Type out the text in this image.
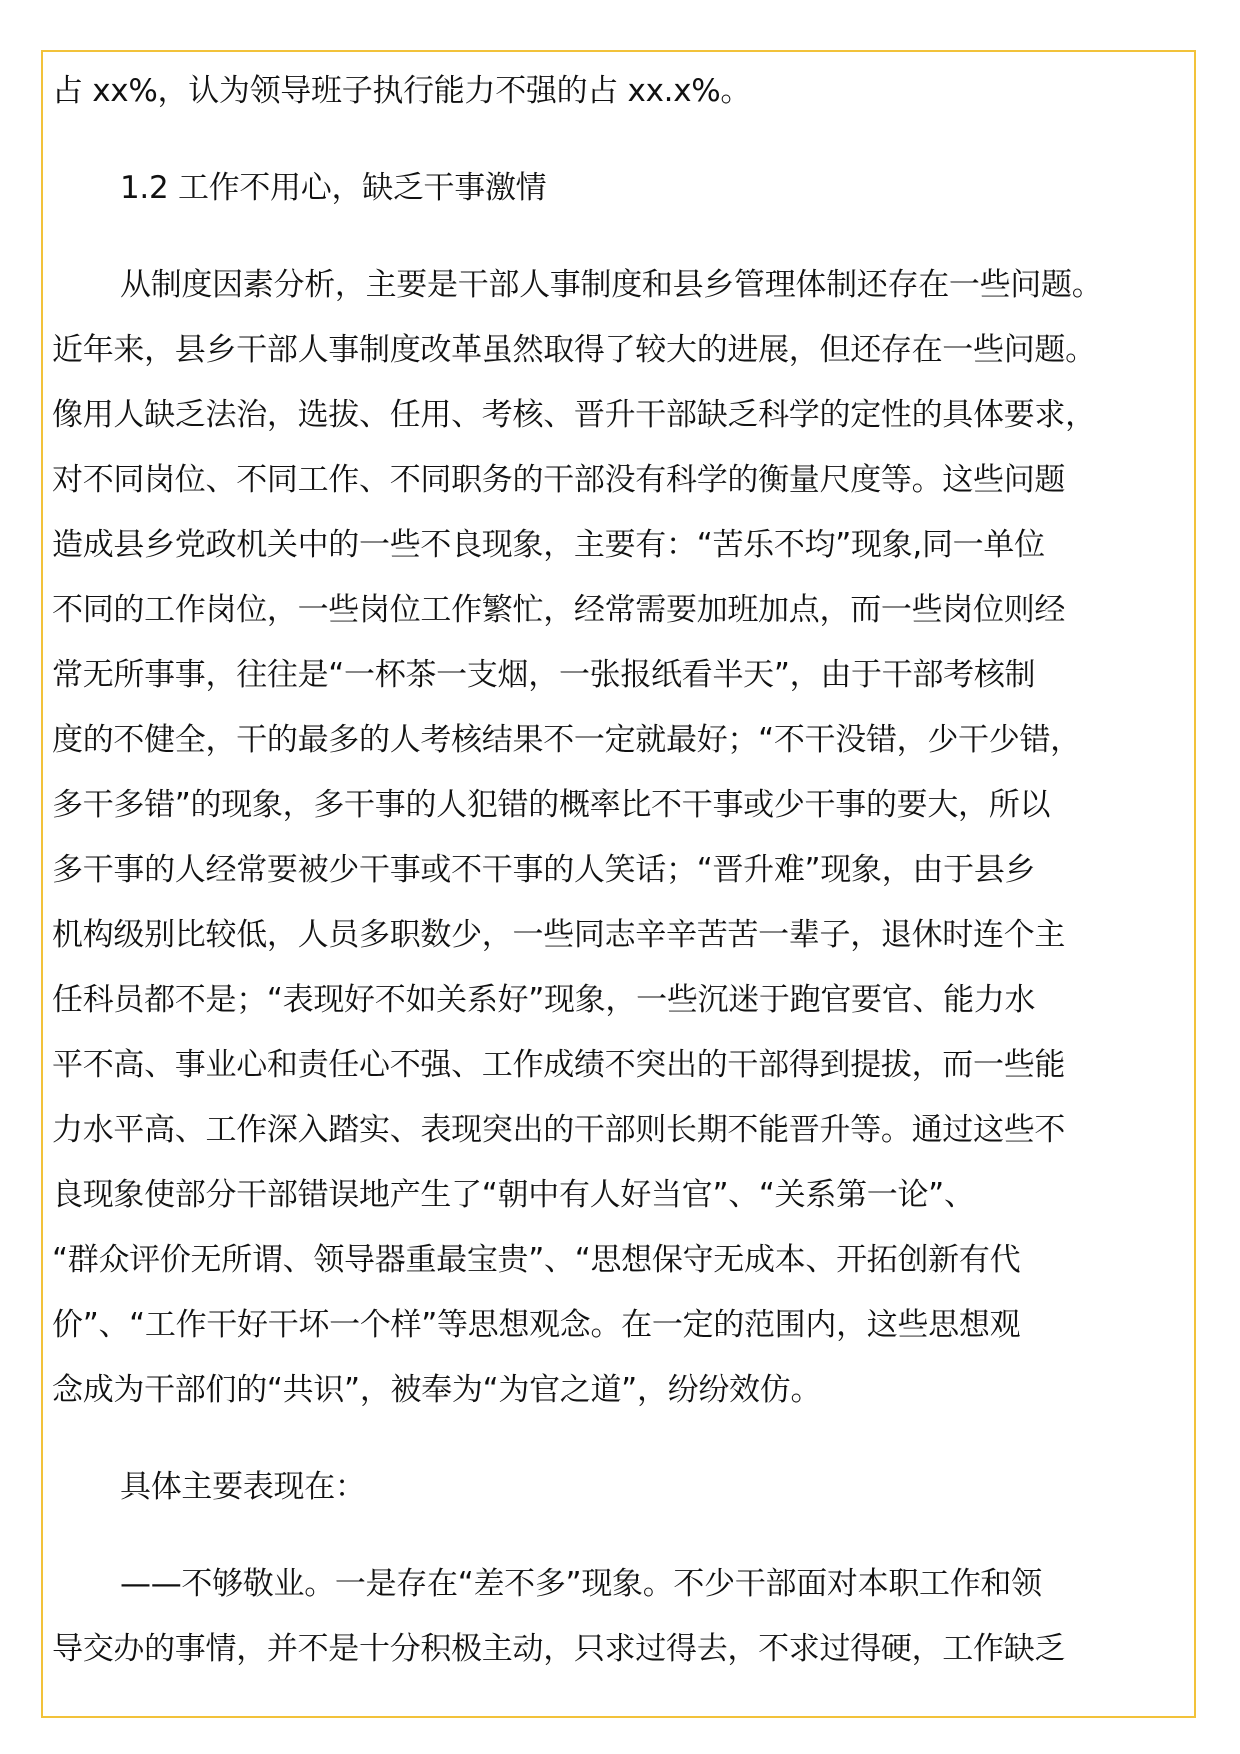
占 xx%，认为领导班子执行能力不强的占 xx.x%。
1.2 工作不用心，缺乏干事激情
从制度因素分析，主要是干部人事制度和县乡管理体制还存在一些问题。
近年来，县乡干部人事制度改革虽然取得了较大的进展，但还存在一些问题。
像用人缺乏法治，选拔、任用、考核、晋升干部缺乏科学的定性的具体要求，
对不同岗位、不同工作、不同职务的干部没有科学的衡量尺度等。这些问题
造成县乡党政机关中的一些不良现象，主要有：“苦乐不均”现象,同一单位
不同的工作岗位，一些岗位工作繁忙，经常需要加班加点，而一些岗位则经
常无所事事，往往是“一杯茶一支烟，一张报纸看半天”，由于干部考核制
度的不健全，干的最多的人考核结果不一定就最好；“不干没错，少干少错，
多干多错”的现象，多干事的人犯错的概率比不干事或少干事的要大，所以
多干事的人经常要被少干事或不干事的人笑话；“晋升难”现象，由于县乡
机构级别比较低，人员多职数少，一些同志辛辛苦苦一辈子，退休时连个主
任科员都不是；“表现好不如关系好”现象，一些沉迷于跑官要官、能力水
平不高、事业心和责任心不强、工作成绩不突出的干部得到提拔，而一些能
力水平高、工作深入踏实、表现突出的干部则长期不能晋升等。通过这些不
良现象使部分干部错误地产生了“朝中有人好当官”、“关系第一论”、
“群众评价无所谓、领导器重最宝贵”、“思想保守无成本、开拓创新有代
价”、“工作干好干坏一个样”等思想观念。在一定的范围内，这些思想观
念成为干部们的“共识”，被奉为“为官之道”，纷纷效仿。
具体主要表现在：
——不够敬业。一是存在“差不多”现象。不少干部面对本职工作和领
导交办的事情，并不是十分积极主动，只求过得去，不求过得硬，工作缺乏
